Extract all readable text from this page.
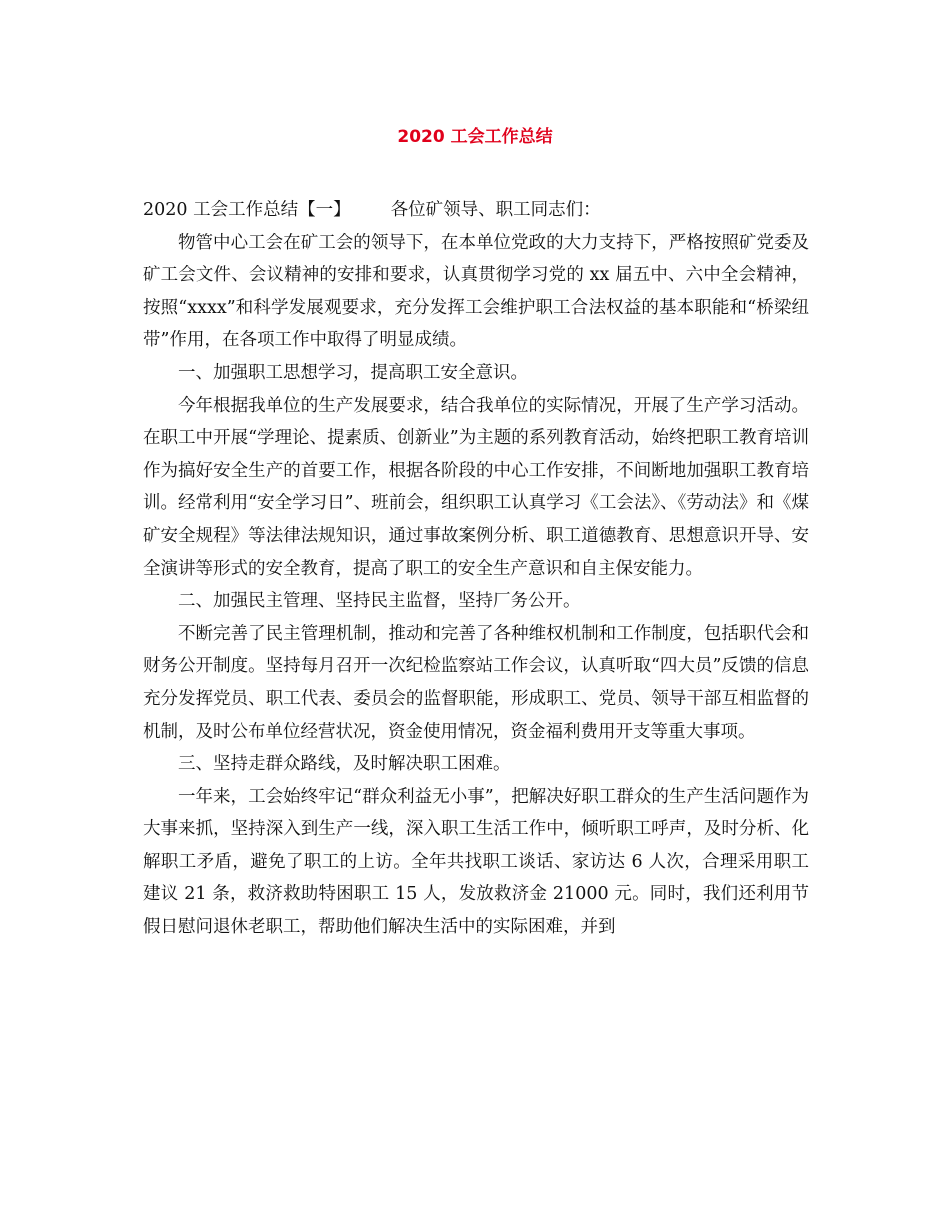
2020 工会工作总结

2020 工会工作总结【一】 各位矿领导、职工同志们：

物管中心工会在矿工会的领导下，在本单位党政的大力支持下，严格按照矿党委及矿工会文件、会议精神的安排和要求，认真贯彻学习党的 xx 届五中、六中全会精神，按照“xxxx”和科学发展观要求，充分发挥工会维护职工合法权益的基本职能和“桥梁纽带”作用，在各项工作中取得了明显成绩。

一、加强职工思想学习，提高职工安全意识。

今年根据我单位的生产发展要求，结合我单位的实际情况，开展了生产学习活动。在职工中开展“学理论、提素质、创新业”为主题的系列教育活动，始终把职工教育培训作为搞好安全生产的首要工作，根据各阶段的中心工作安排，不间断地加强职工教育培训。经常利用“安全学习日”、班前会，组织职工认真学习《工会法》、《劳动法》和《煤矿安全规程》等法律法规知识，通过事故案例分析、职工道德教育、思想意识开导、安全演讲等形式的安全教育，提高了职工的安全生产意识和自主保安能力。

二、加强民主管理、坚持民主监督，坚持厂务公开。

不断完善了民主管理机制，推动和完善了各种维权机制和工作制度，包括职代会和财务公开制度。坚持每月召开一次纪检监察站工作会议，认真听取“四大员”反馈的信息充分发挥党员、职工代表、委员会的监督职能，形成职工、党员、领导干部互相监督的机制，及时公布单位经营状况，资金使用情况，资金福利费用开支等重大事项。

三、坚持走群众路线，及时解决职工困难。

一年来，工会始终牢记“群众利益无小事”，把解决好职工群众的生产生活问题作为大事来抓，坚持深入到生产一线，深入职工生活工作中，倾听职工呼声，及时分析、化解职工矛盾，避免了职工的上访。全年共找职工谈话、家访达 6 人次，合理采用职工建议 21 条，救济救助特困职工 15 人，发放救济金 21000 元。同时，我们还利用节假日慰问退休老职工，帮助他们解决生活中的实际困难，并到
